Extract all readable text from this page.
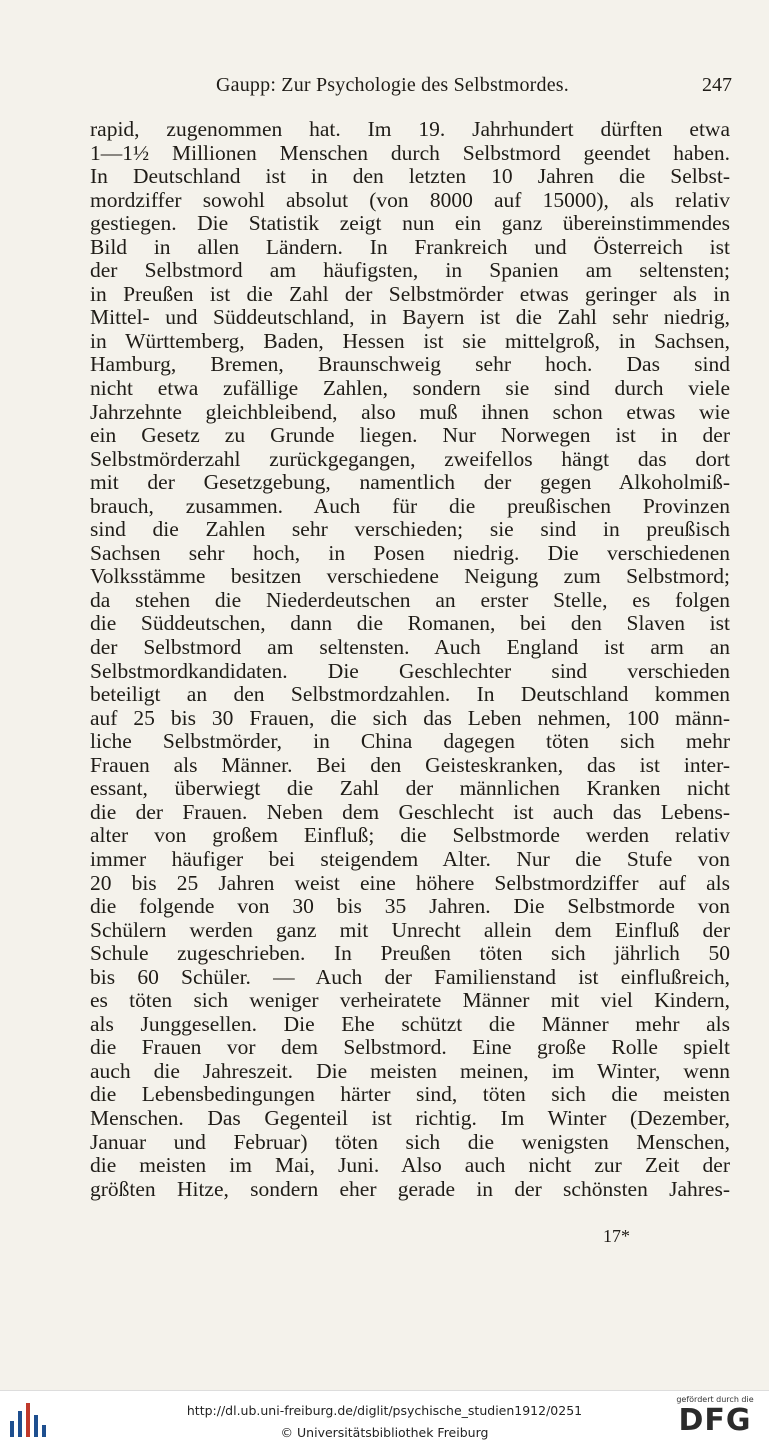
Gaupp: Zur Psychologie des Selbstmordes.	247
rapid, zugenommen hat. Im 19. Jahrhundert dürften etwa
1—1½ Millionen Menschen durch Selbstmord geendet haben.
In Deutschland ist in den letzten 10 Jahren die Selbst-
mordziffer sowohl absolut (von 8000 auf 15000), als relativ
gestiegen. Die Statistik zeigt nun ein ganz übereinstimmendes
Bild in allen Ländern. In Frankreich und Österreich ist
der Selbstmord am häufigsten, in Spanien am seltensten;
in Preußen ist die Zahl der Selbstmörder etwas geringer als in
Mittel- und Süddeutschland, in Bayern ist die Zahl sehr niedrig,
in Württemberg, Baden, Hessen ist sie mittelgroß, in Sachsen,
Hamburg, Bremen, Braunschweig sehr hoch. Das sind
nicht etwa zufällige Zahlen, sondern sie sind durch viele
Jahrzehnte gleichbleibend, also muß ihnen schon etwas wie
ein Gesetz zu Grunde liegen. Nur Norwegen ist in der
Selbstmörderzahl zurückgegangen, zweifellos hängt das dort
mit der Gesetzgebung, namentlich der gegen Alkoholmiß-
brauch, zusammen. Auch für die preußischen Provinzen
sind die Zahlen sehr verschieden; sie sind in preußisch
Sachsen sehr hoch, in Posen niedrig. Die verschiedenen
Volksstämme besitzen verschiedene Neigung zum Selbstmord;
da stehen die Niederdeutschen an erster Stelle, es folgen
die Süddeutschen, dann die Romanen, bei den Slaven ist
der Selbstmord am seltensten. Auch England ist arm an
Selbstmordkandidaten. Die Geschlechter sind verschieden
beteiligt an den Selbstmordzahlen. In Deutschland kommen
auf 25 bis 30 Frauen, die sich das Leben nehmen, 100 männ-
liche Selbstmörder, in China dagegen töten sich mehr
Frauen als Männer. Bei den Geisteskranken, das ist inter-
essant, überwiegt die Zahl der männlichen Kranken nicht
die der Frauen. Neben dem Geschlecht ist auch das Lebens-
alter von großem Einfluß; die Selbstmorde werden relativ
immer häufiger bei steigendem Alter. Nur die Stufe von
20 bis 25 Jahren weist eine höhere Selbstmordziffer auf als
die folgende von 30 bis 35 Jahren. Die Selbstmorde von
Schülern werden ganz mit Unrecht allein dem Einfluß der
Schule zugeschrieben. In Preußen töten sich jährlich 50
bis 60 Schüler. — Auch der Familienstand ist einflußreich,
es töten sich weniger verheiratete Männer mit viel Kindern,
als Junggesellen. Die Ehe schützt die Männer mehr als
die Frauen vor dem Selbstmord. Eine große Rolle spielt
auch die Jahreszeit. Die meisten meinen, im Winter, wenn
die Lebensbedingungen härter sind, töten sich die meisten
Menschen. Das Gegenteil ist richtig. Im Winter (Dezember,
Januar und Februar) töten sich die wenigsten Menschen,
die meisten im Mai, Juni. Also auch nicht zur Zeit der
größten Hitze, sondern eher gerade in der schönsten Jahres-
17*
http://dl.ub.uni-freiburg.de/diglit/psychische_studien1912/0251
© Universitätsbibliothek Freiburg
gefördert durch die
DFG
